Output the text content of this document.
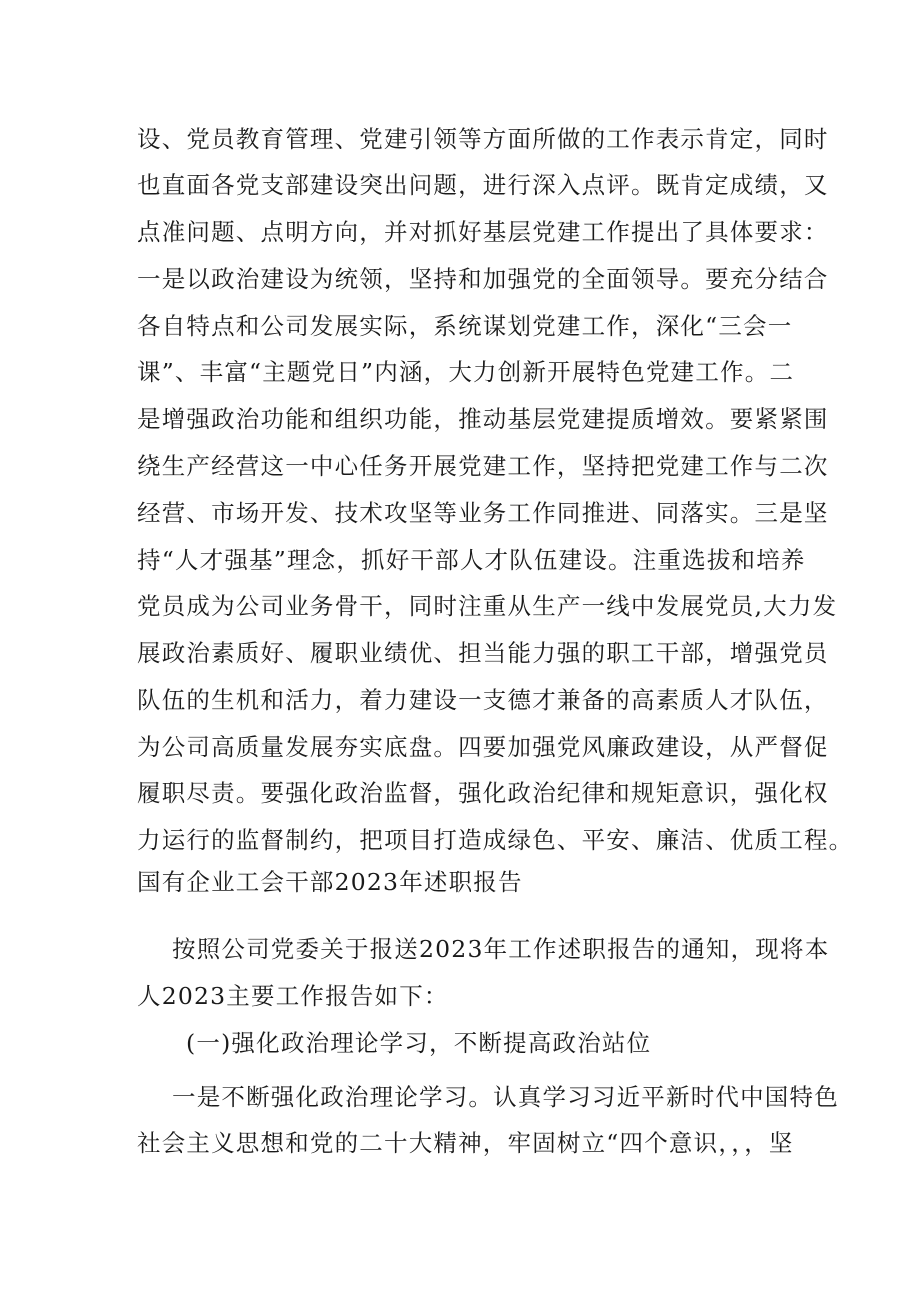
设、党员教育管理、党建引领等方面所做的工作表示肯定，同时
也直面各党支部建设突出问题，进行深入点评。既肯定成绩，又
点准问题、点明方向，并对抓好基层党建工作提出了具体要求：
一是以政治建设为统领，坚持和加强党的全面领导。要充分结合
各自特点和公司发展实际，系统谋划党建工作，深化“三会一
课”、丰富“主题党日”内涵，大力创新开展特色党建工作。二
是增强政治功能和组织功能，推动基层党建提质增效。要紧紧围
绕生产经营这一中心任务开展党建工作，坚持把党建工作与二次
经营、市场开发、技术攻坚等业务工作同推进、同落实。三是坚
持“人才强基”理念，抓好干部人才队伍建设。注重选拔和培养
党员成为公司业务骨干，同时注重从生产一线中发展党员,大力发
展政治素质好、履职业绩优、担当能力强的职工干部，增强党员
队伍的生机和活力，着力建设一支德才兼备的高素质人才队伍，
为公司高质量发展夯实底盘。四要加强党风廉政建设，从严督促
履职尽责。要强化政治监督，强化政治纪律和规矩意识，强化权
力运行的监督制约，把项目打造成绿色、平安、廉洁、优质工程。
国有企业工会干部2023年述职报告
按照公司党委关于报送2023年工作述职报告的通知，现将本
人2023主要工作报告如下：
(一)强化政治理论学习，不断提高政治站位
一是不断强化政治理论学习。认真学习习近平新时代中国特色
社会主义思想和党的二十大精神，牢固树立“四个意识，，，坚
